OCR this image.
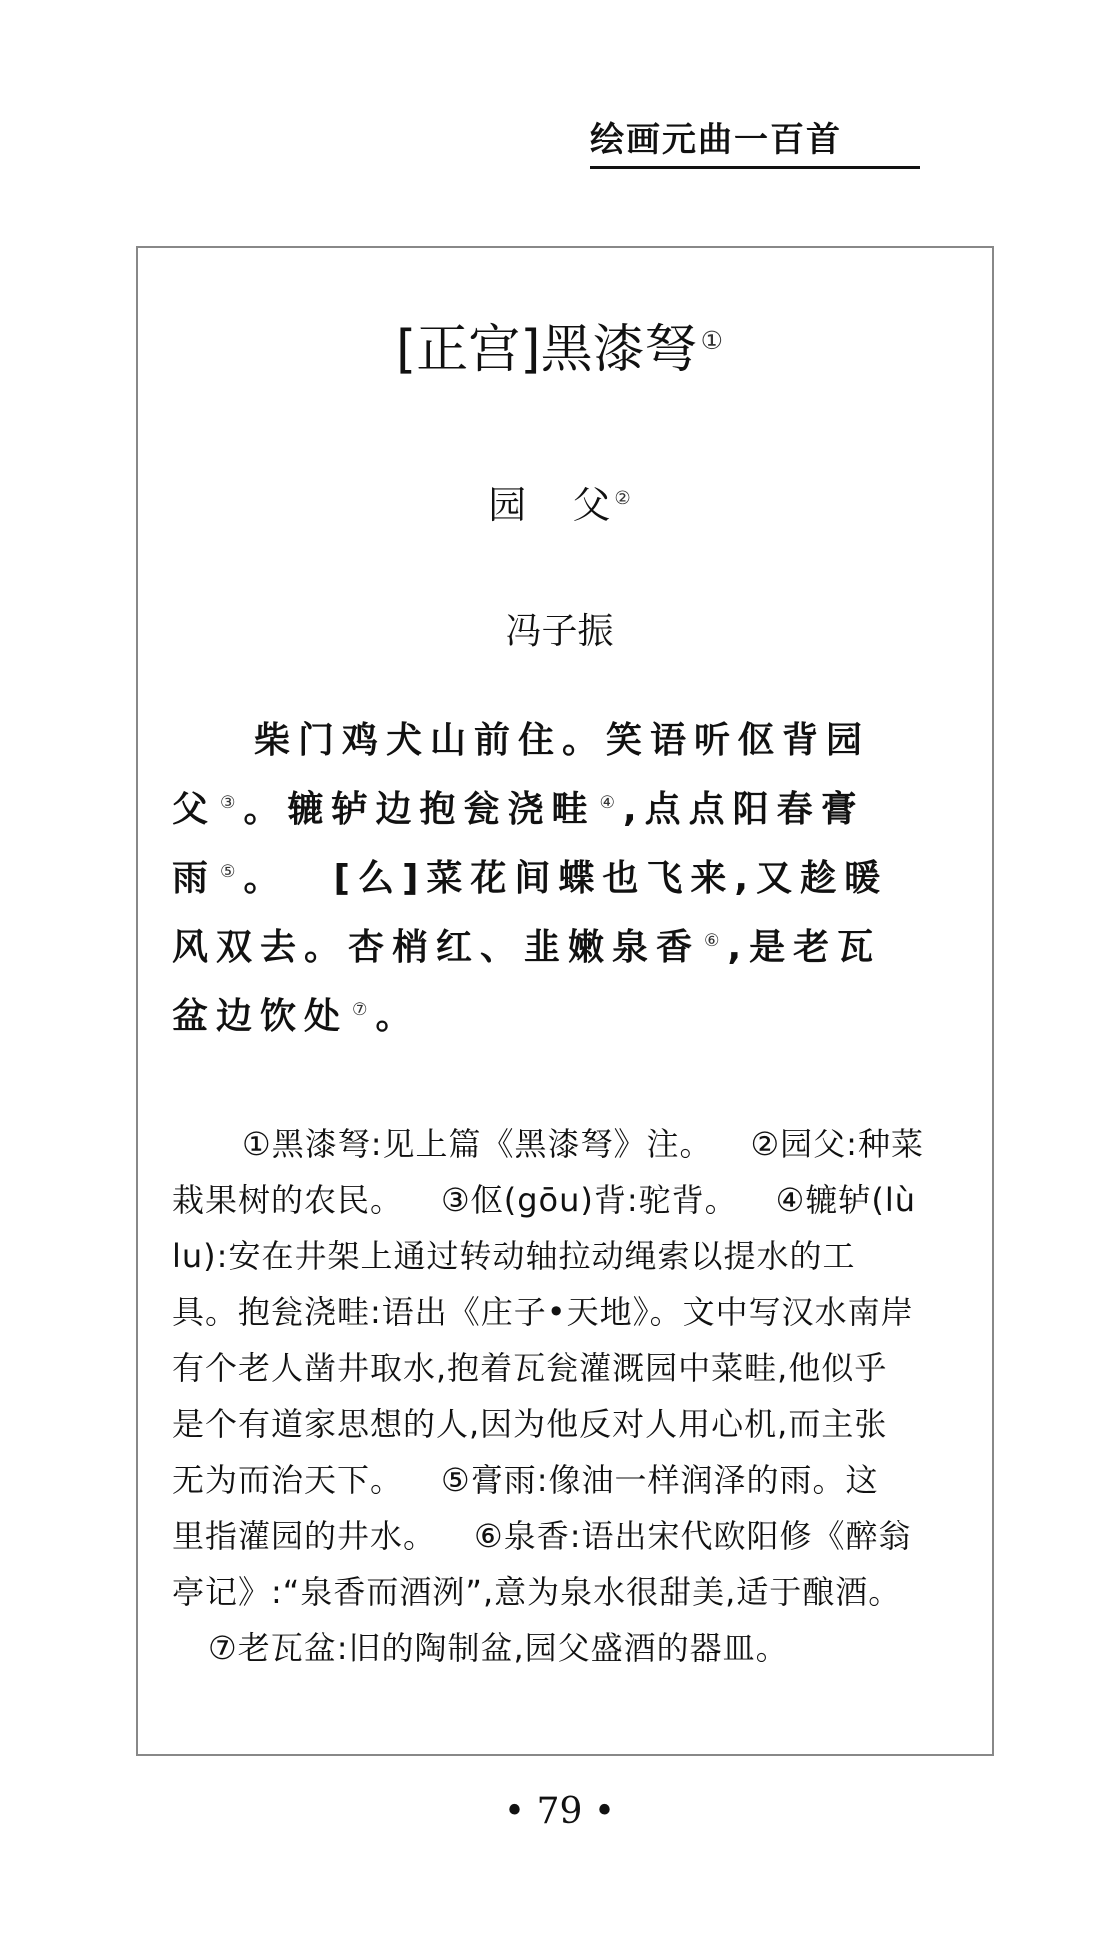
绘画元曲一百首
[正宫]黑漆弩 ①
园 父 ②
冯子振
柴门鸡犬山前住。笑语听伛背园
父 ③。辘轳边抱瓮浇畦 ④,点点阳春膏
雨 ⑤。 [么]菜花间蝶也飞来,又趁暖
风双去。杏梢红、韭嫩泉香 ⑥,是老瓦
盆边饮处 ⑦。
①黑漆弩:见上篇《黑漆弩》注。 ②园父:种菜
栽果树的农民。 ③伛(gōu)背:驼背。 ④辘轳(lù
lu):安在井架上通过转动轴拉动绳索以提水的工
具。抱瓮浇畦:语出《庄子•天地》。文中写汉水南岸
有个老人凿井取水,抱着瓦瓮灌溉园中菜畦,他似乎
是个有道家思想的人,因为他反对人用心机,而主张
无为而治天下。 ⑤膏雨:像油一样润泽的雨。这
里指灌园的井水。 ⑥泉香:语出宋代欧阳修《醉翁
亭记》:“泉香而酒洌”,意为泉水很甜美,适于酿酒。
⑦老瓦盆:旧的陶制盆,园父盛酒的器皿。
• 79 •
